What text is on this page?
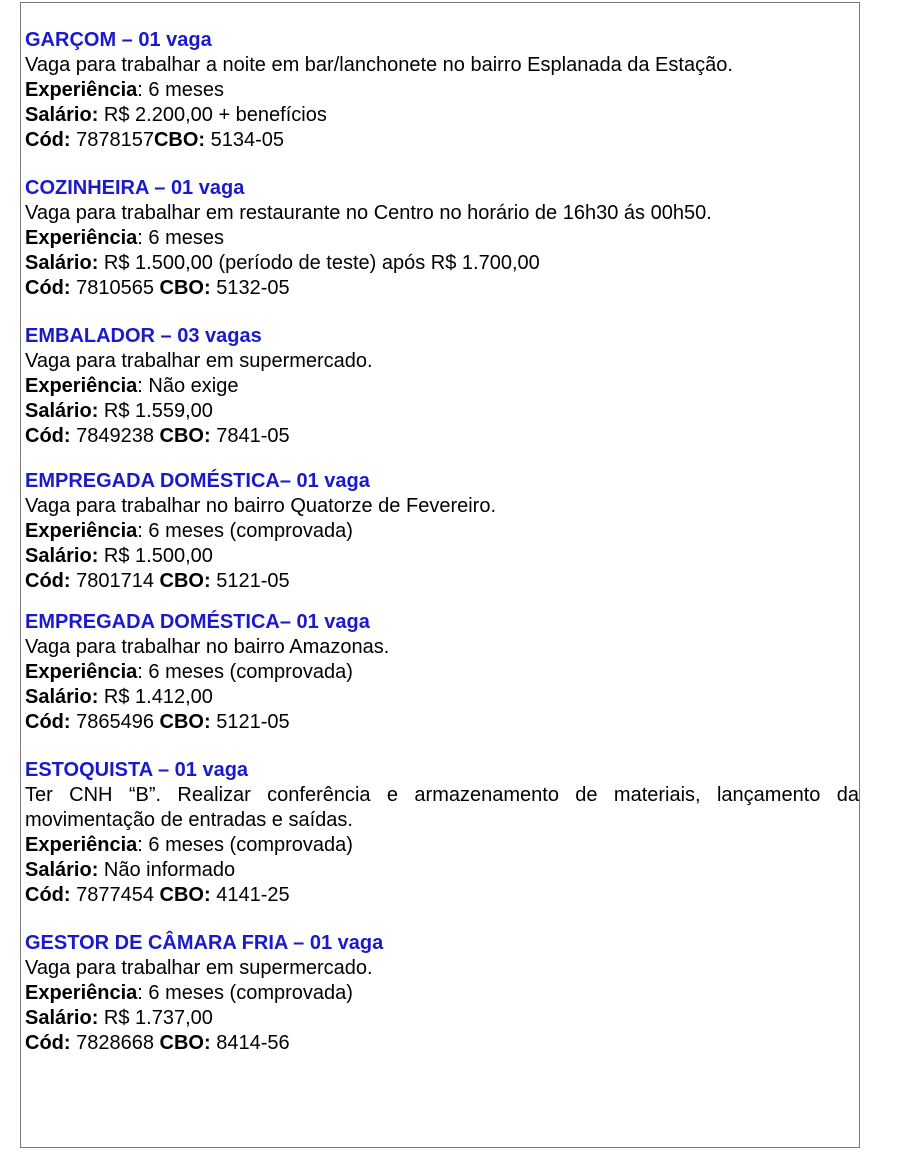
GARÇOM – 01 vaga
Vaga para trabalhar a noite em bar/lanchonete no bairro Esplanada da Estação.
Experiência: 6 meses
Salário: R$ 2.200,00 + benefícios
Cód: 7878157CBO: 5134-05
COZINHEIRA – 01 vaga
Vaga para trabalhar em restaurante no Centro no horário de 16h30 ás 00h50.
Experiência: 6 meses
Salário: R$ 1.500,00 (período de teste) após R$ 1.700,00
Cód: 7810565 CBO: 5132-05
EMBALADOR – 03 vagas
Vaga para trabalhar em supermercado.
Experiência: Não exige
Salário: R$ 1.559,00
Cód: 7849238 CBO: 7841-05
EMPREGADA DOMÉSTICA– 01 vaga
Vaga para trabalhar no bairro Quatorze de Fevereiro.
Experiência: 6 meses (comprovada)
Salário: R$ 1.500,00
Cód: 7801714 CBO: 5121-05
EMPREGADA DOMÉSTICA– 01 vaga
Vaga para trabalhar no bairro Amazonas.
Experiência: 6 meses (comprovada)
Salário: R$ 1.412,00
Cód: 7865496 CBO: 5121-05
ESTOQUISTA – 01 vaga
Ter CNH “B”. Realizar conferência e armazenamento de materiais, lançamento da movimentação de entradas e saídas.
Experiência: 6 meses (comprovada)
Salário: Não informado
Cód: 7877454 CBO: 4141-25
GESTOR DE CÂMARA FRIA – 01 vaga
Vaga para trabalhar em supermercado.
Experiência: 6 meses (comprovada)
Salário: R$ 1.737,00
Cód: 7828668 CBO: 8414-56
